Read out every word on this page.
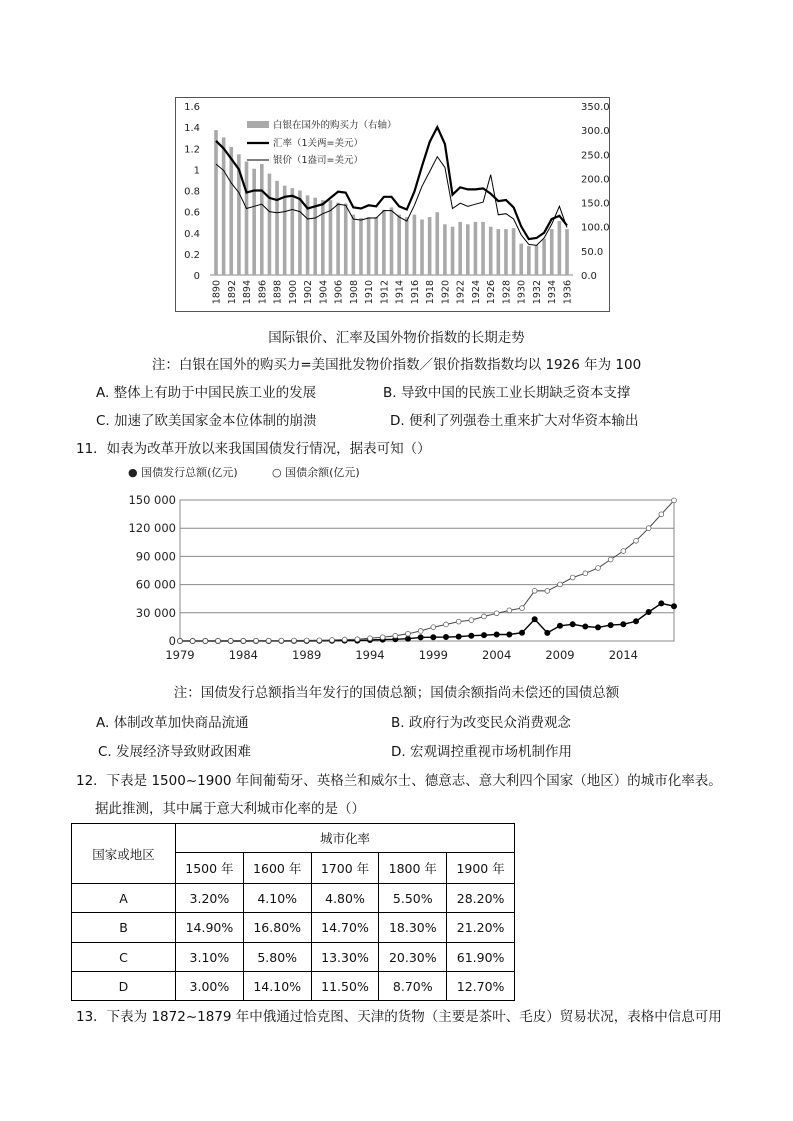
0
0.2
0.4
0.6
0.8
1
1.2
1.4
1.6
0.0
50.0
100.0
150.0
200.0
250.0
300.0
350.0
1890 1892 1894 1896 1898 1900 1902 1904 1906 1908 1910 1912 1914 1916 1918 1920 1922 1924 1926 1928 1930 1932 1934 1936
白银在国外的购买力（右轴）
汇率（1关两=美元）
银价（1盎司=美元）
国际银价、汇率及国外物价指数的长期走势
注：白银在国外的购买力=美国批发物价指数／银价指数指数均以 1926 年为 100
A. 整体上有助于中国民族工业的发展	B. 导致中国的民族工业长期缺乏资本支撑
C. 加速了欧美国家金本位体制的崩溃	D. 便利了列强卷土重来扩大对华资本输出
11．如表为改革开放以来我国国债发行情况，据表可知（）
● 国债发行总额(亿元)	○ 国债余额(亿元)
0
30 000
60 000
90 000
120 000
150 000
1979	1984	1989	1994	1999	2004	2009	2014
注：国债发行总额指当年发行的国债总额；国债余额指尚未偿还的国债总额
A. 体制改革加快商品流通	B. 政府行为改变民众消费观念
C. 发展经济导致财政困难	D. 宏观调控重视市场机制作用
12．下表是 1500~1900 年间葡萄牙、英格兰和威尔士、德意志、意大利四个国家（地区）的城市化率表。
据此推测，其中属于意大利城市化率的是（）
国家或地区	城市化率				
	1500 年	1600 年	1700 年	1800 年	1900 年
A	3.20%	4.10%	4.80%	5.50%	28.20%
B	14.90%	16.80%	14.70%	18.30%	21.20%
C	3.10%	5.80%	13.30%	20.30%	61.90%
D	3.00%	14.10%	11.50%	8.70%	12.70%
13．下表为 1872~1879 年中俄通过恰克图、天津的货物（主要是茶叶、毛皮）贸易状况，表格中信息可用
